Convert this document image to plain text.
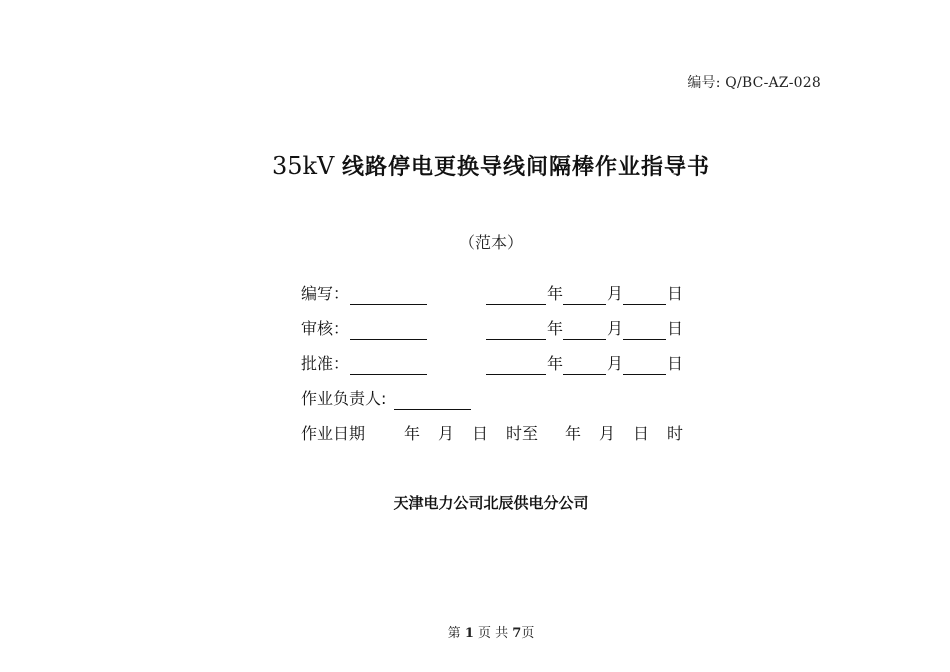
编号: Q/BC-AZ-028
35kV 线路停电更换导线间隔棒作业指导书
（范本）
编写：	年	月	日
审核：	年	月	日
批准：	年	月	日
作业负责人:
作业日期 年 月 日 时至 年 月 日 时
天津电力公司北辰供电分公司
第 1 页 共 7页
